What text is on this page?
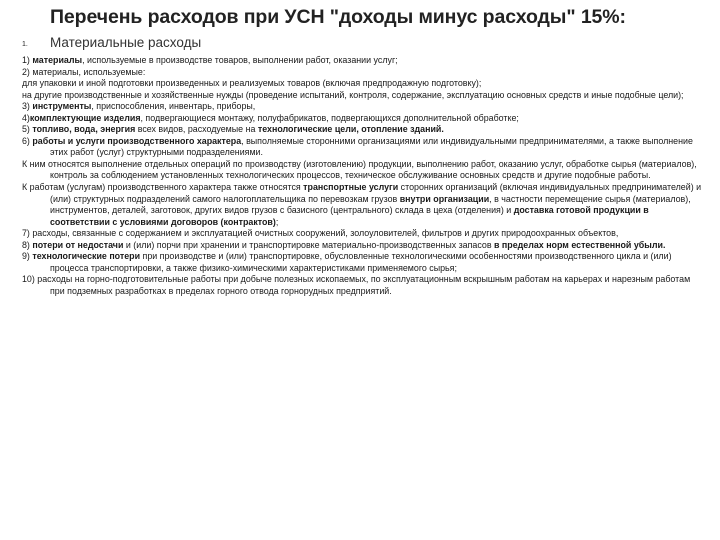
Перечень расходов при УСН "доходы минус расходы" 15%:
1. Материальные расходы

1) материалы, используемые в производстве товаров, выполнении работ, оказании услуг;

2) материалы, используемые:

для упаковки и иной подготовки произведенных и реализуемых товаров (включая предпродажную подготовку);

на другие производственные и хозяйственные нужды (проведение испытаний, контроля, содержание, эксплуатацию основных средств и иные подобные цели);

3) инструменты, приспособления, инвентарь, приборы,

4)комплектующие изделия, подвергающиеся монтажу, полуфабрикатов, подвергающихся дополнительной обработке;

5) топливо, вода, энергия всех видов, расходуемые на технологические цели, отопление зданий.

6) работы и услуги производственного характера, выполняемые сторонними организациями или индивидуальными предпринимателями, а также выполнение этих работ (услуг) структурными подразделениями.

К ним относятся выполнение отдельных операций по производству (изготовлению) продукции, выполнению работ, оказанию услуг, обработке сырья (материалов), контроль за соблюдением установленных технологических процессов, техническое обслуживание основных средств и другие подобные работы.

К работам (услугам) производственного характера также относятся транспортные услуги сторонних организаций (включая индивидуальных предпринимателей) и (или) структурных подразделений самого налогоплательщика по перевозкам грузов внутри организации, в частности перемещение сырья (материалов), инструментов, деталей, заготовок, других видов грузов с базисного (центрального) склада в цеха (отделения) и доставка готовой продукции в соответствии с условиями договоров (контрактов);

7) расходы, связанные с содержанием и эксплуатацией очистных сооружений, золоуловителей, фильтров и других природоохранных объектов,

8) потери от недостачи и (или) порчи при хранении и транспортировке материально-производственных запасов в пределах норм естественной убыли.

9) технологические потери при производстве и (или) транспортировке, обусловленные технологическими особенностями производственного цикла и (или) процесса транспортировки, а также физико-химическими характеристиками применяемого сырья;

10) расходы на горно-подготовительные работы при добыче полезных ископаемых, по эксплуатационным вскрышным работам на карьерах и нарезным работам при подземных разработках в пределах горного отвода горнорудных предприятий.
